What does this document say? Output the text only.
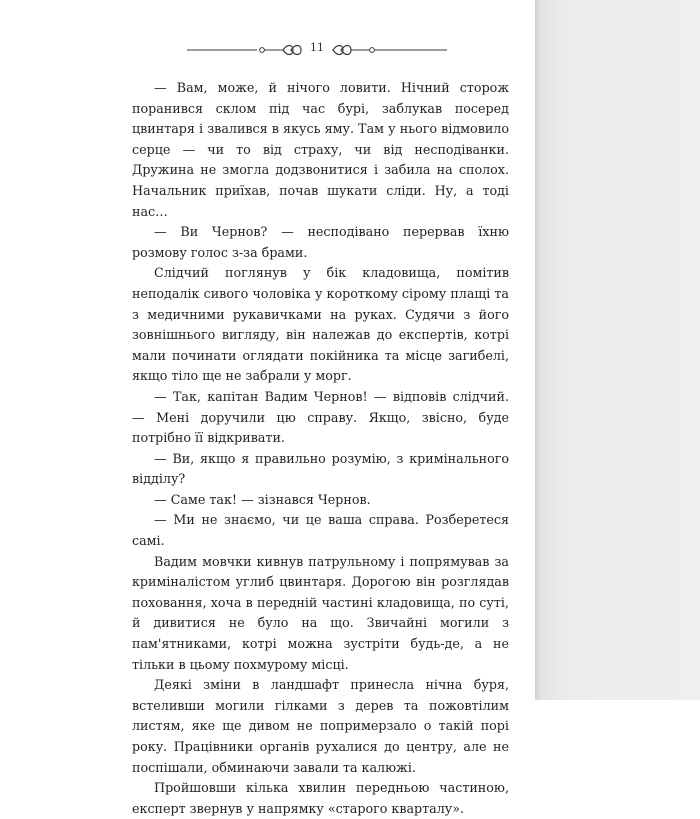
11

— Вам, може, й нічого ловити. Нічний сторож поранився склом під час бурі, заблукав посеред цвинтаря і звалився в якусь яму. Там у нього відмовило серце — чи то від страху, чи від несподіванки. Дружина не змогла додзвонитися і забила на сполох. Начальник приїхав, почав шукати сліди. Ну, а тоді нас…

— Ви Чернов? — несподівано перервав їхню розмову голос з-за брами.

Слідчий поглянув у бік кладовища, помітив неподалік сивого чоловіка у короткому сірому плащі та з медичними рукавичками на руках. Судячи з його зовнішнього вигляду, він належав до експертів, котрі мали починати оглядати покійника та місце загибелі, якщо тіло ще не забрали у морг.

— Так, капітан Вадим Чернов! — відповів слідчий. — Мені доручили цю справу. Якщо, звісно, буде потрібно її відкривати.

— Ви, якщо я правильно розумію, з кримінального відділу?

— Саме так! — зізнався Чернов.

— Ми не знаємо, чи це ваша справа. Розберетеся самі.

Вадим мовчки кивнув патрульному і попрямував за криміналістом углиб цвинтаря. Дорогою він розглядав поховання, хоча в передній частині кладовища, по суті, й дивитися не було на що. Звичайні могили з пам'ятниками, котрі можна зустріти будь-де, а не тільки в цьому похмурому місці.

Деякі зміни в ландшафт принесла нічна буря, встеливши могили гілками з дерев та пожовтілим листям, яке ще дивом не попримерзало о такій порі року. Працівники органів рухалися до центру, але не поспішали, обминаючи завали та калюжі.

Пройшовши кілька хвилин передньою частиною, експерт звернув у напрямку «старого кварталу».
